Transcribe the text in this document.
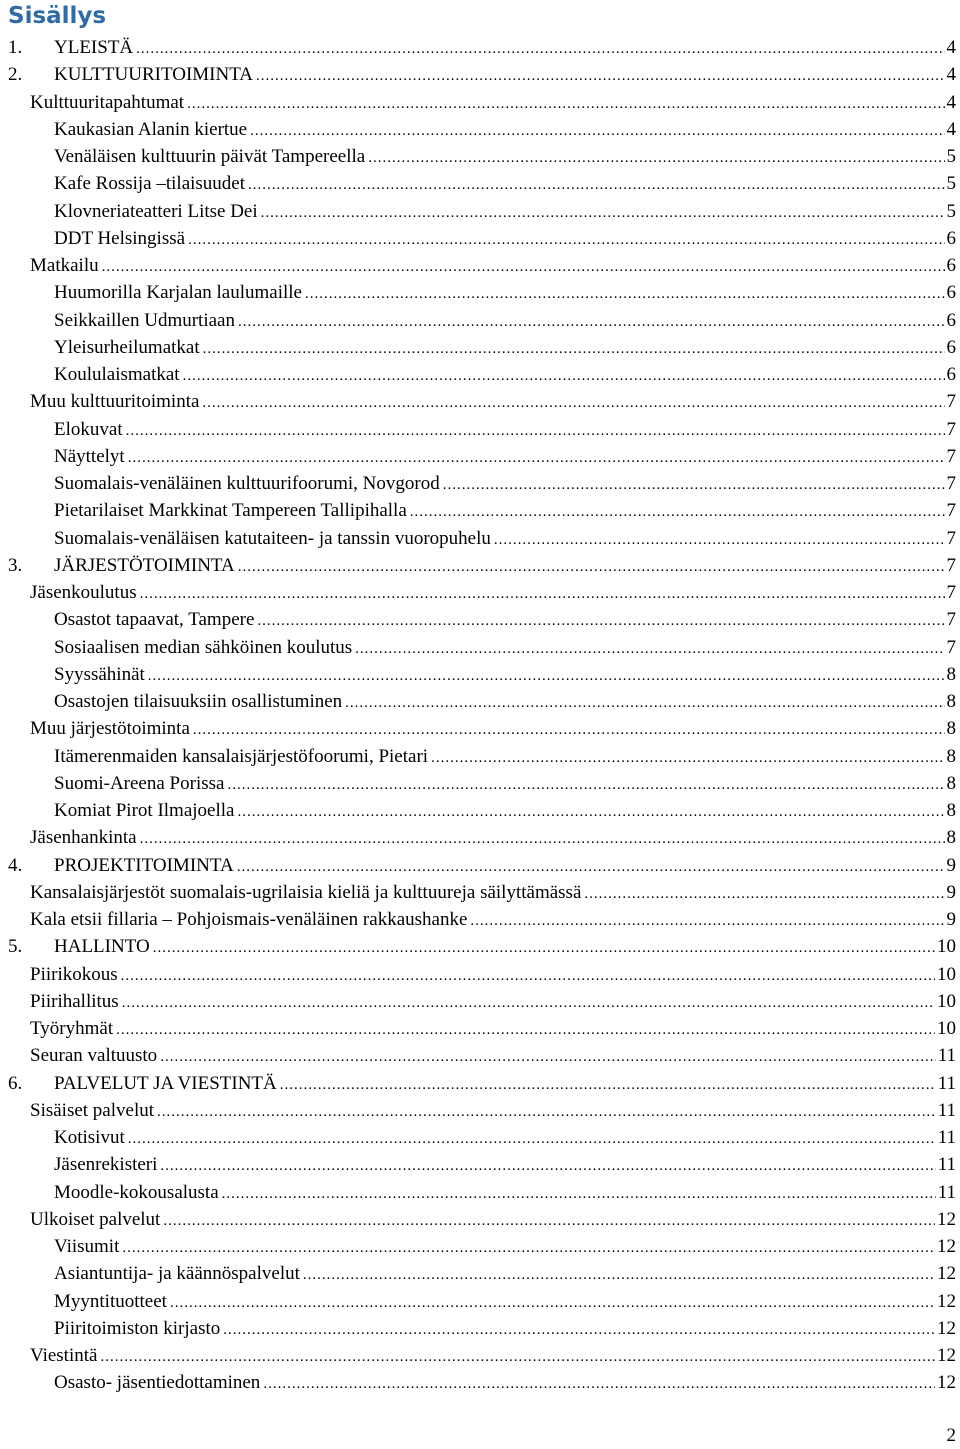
Sisällys
1.	YLEISTÄ .....	4
2.	KULTTUURITOIMINTA .....	4
Kulttuuritapahtumat .....	4
Kaukasian Alanin kiertue .....	4
Venäläisen kulttuurin päivät Tampereella .....	5
Kafe Rossija –tilaisuudet .....	5
Klovneriateatteri Litse Dei .....	5
DDT Helsingissä .....	6
Matkailu .....	6
Huumorilla Karjalan laulumaille .....	6
Seikkaillen Udmurtiaan .....	6
Yleisurheilumatkat .....	6
Koululaismatkat .....	6
Muu kulttuuritoiminta .....	7
Elokuvat .....	7
Näyttelyt .....	7
Suomalais-venäläinen kulttuurifoorumi, Novgorod .....	7
Pietarilaiset Markkinat Tampereen Tallipihalla .....	7
Suomalais-venäläisen katutaiteen- ja tanssin vuoropuhelu .....	7
3.	JÄRJESTÖTOIMINTA .....	7
Jäsenkoulutus .....	7
Osastot tapaavat, Tampere .....	7
Sosiaalisen median sähköinen koulutus .....	7
Syyssähinät .....	8
Osastojen tilaisuuksiin osallistuminen .....	8
Muu järjestötoiminta .....	8
Itämerenmaiden kansalaisjärjestöfoorumi, Pietari .....	8
Suomi-Areena Porissa .....	8
Komiat Pirot Ilmajoella .....	8
Jäsenhankinta .....	8
4.	PROJEKTITOIMINTA .....	9
Kansalaisjärjestöt suomalais-ugrilaisia kieliä ja kulttuureja säilyttämässä .....	9
Kala etsii fillaria – Pohjoismais-venäläinen rakkaushanke .....	9
5.	HALLINTO .....	10
Piirikokous .....	10
Piirihallitus .....	10
Työryhmät .....	10
Seuran valtuusto .....	11
6.	PALVELUT JA VIESTINTÄ .....	11
Sisäiset palvelut .....	11
Kotisivut .....	11
Jäsenrekisteri .....	11
Moodle-kokousalusta .....	11
Ulkoiset palvelut .....	12
Viisumit .....	12
Asiantuntija- ja käännöspalvelut .....	12
Myyntituotteet .....	12
Piiritoimiston kirjasto .....	12
Viestintä .....	12
Osasto- jäsentiedottaminen .....	12
2
